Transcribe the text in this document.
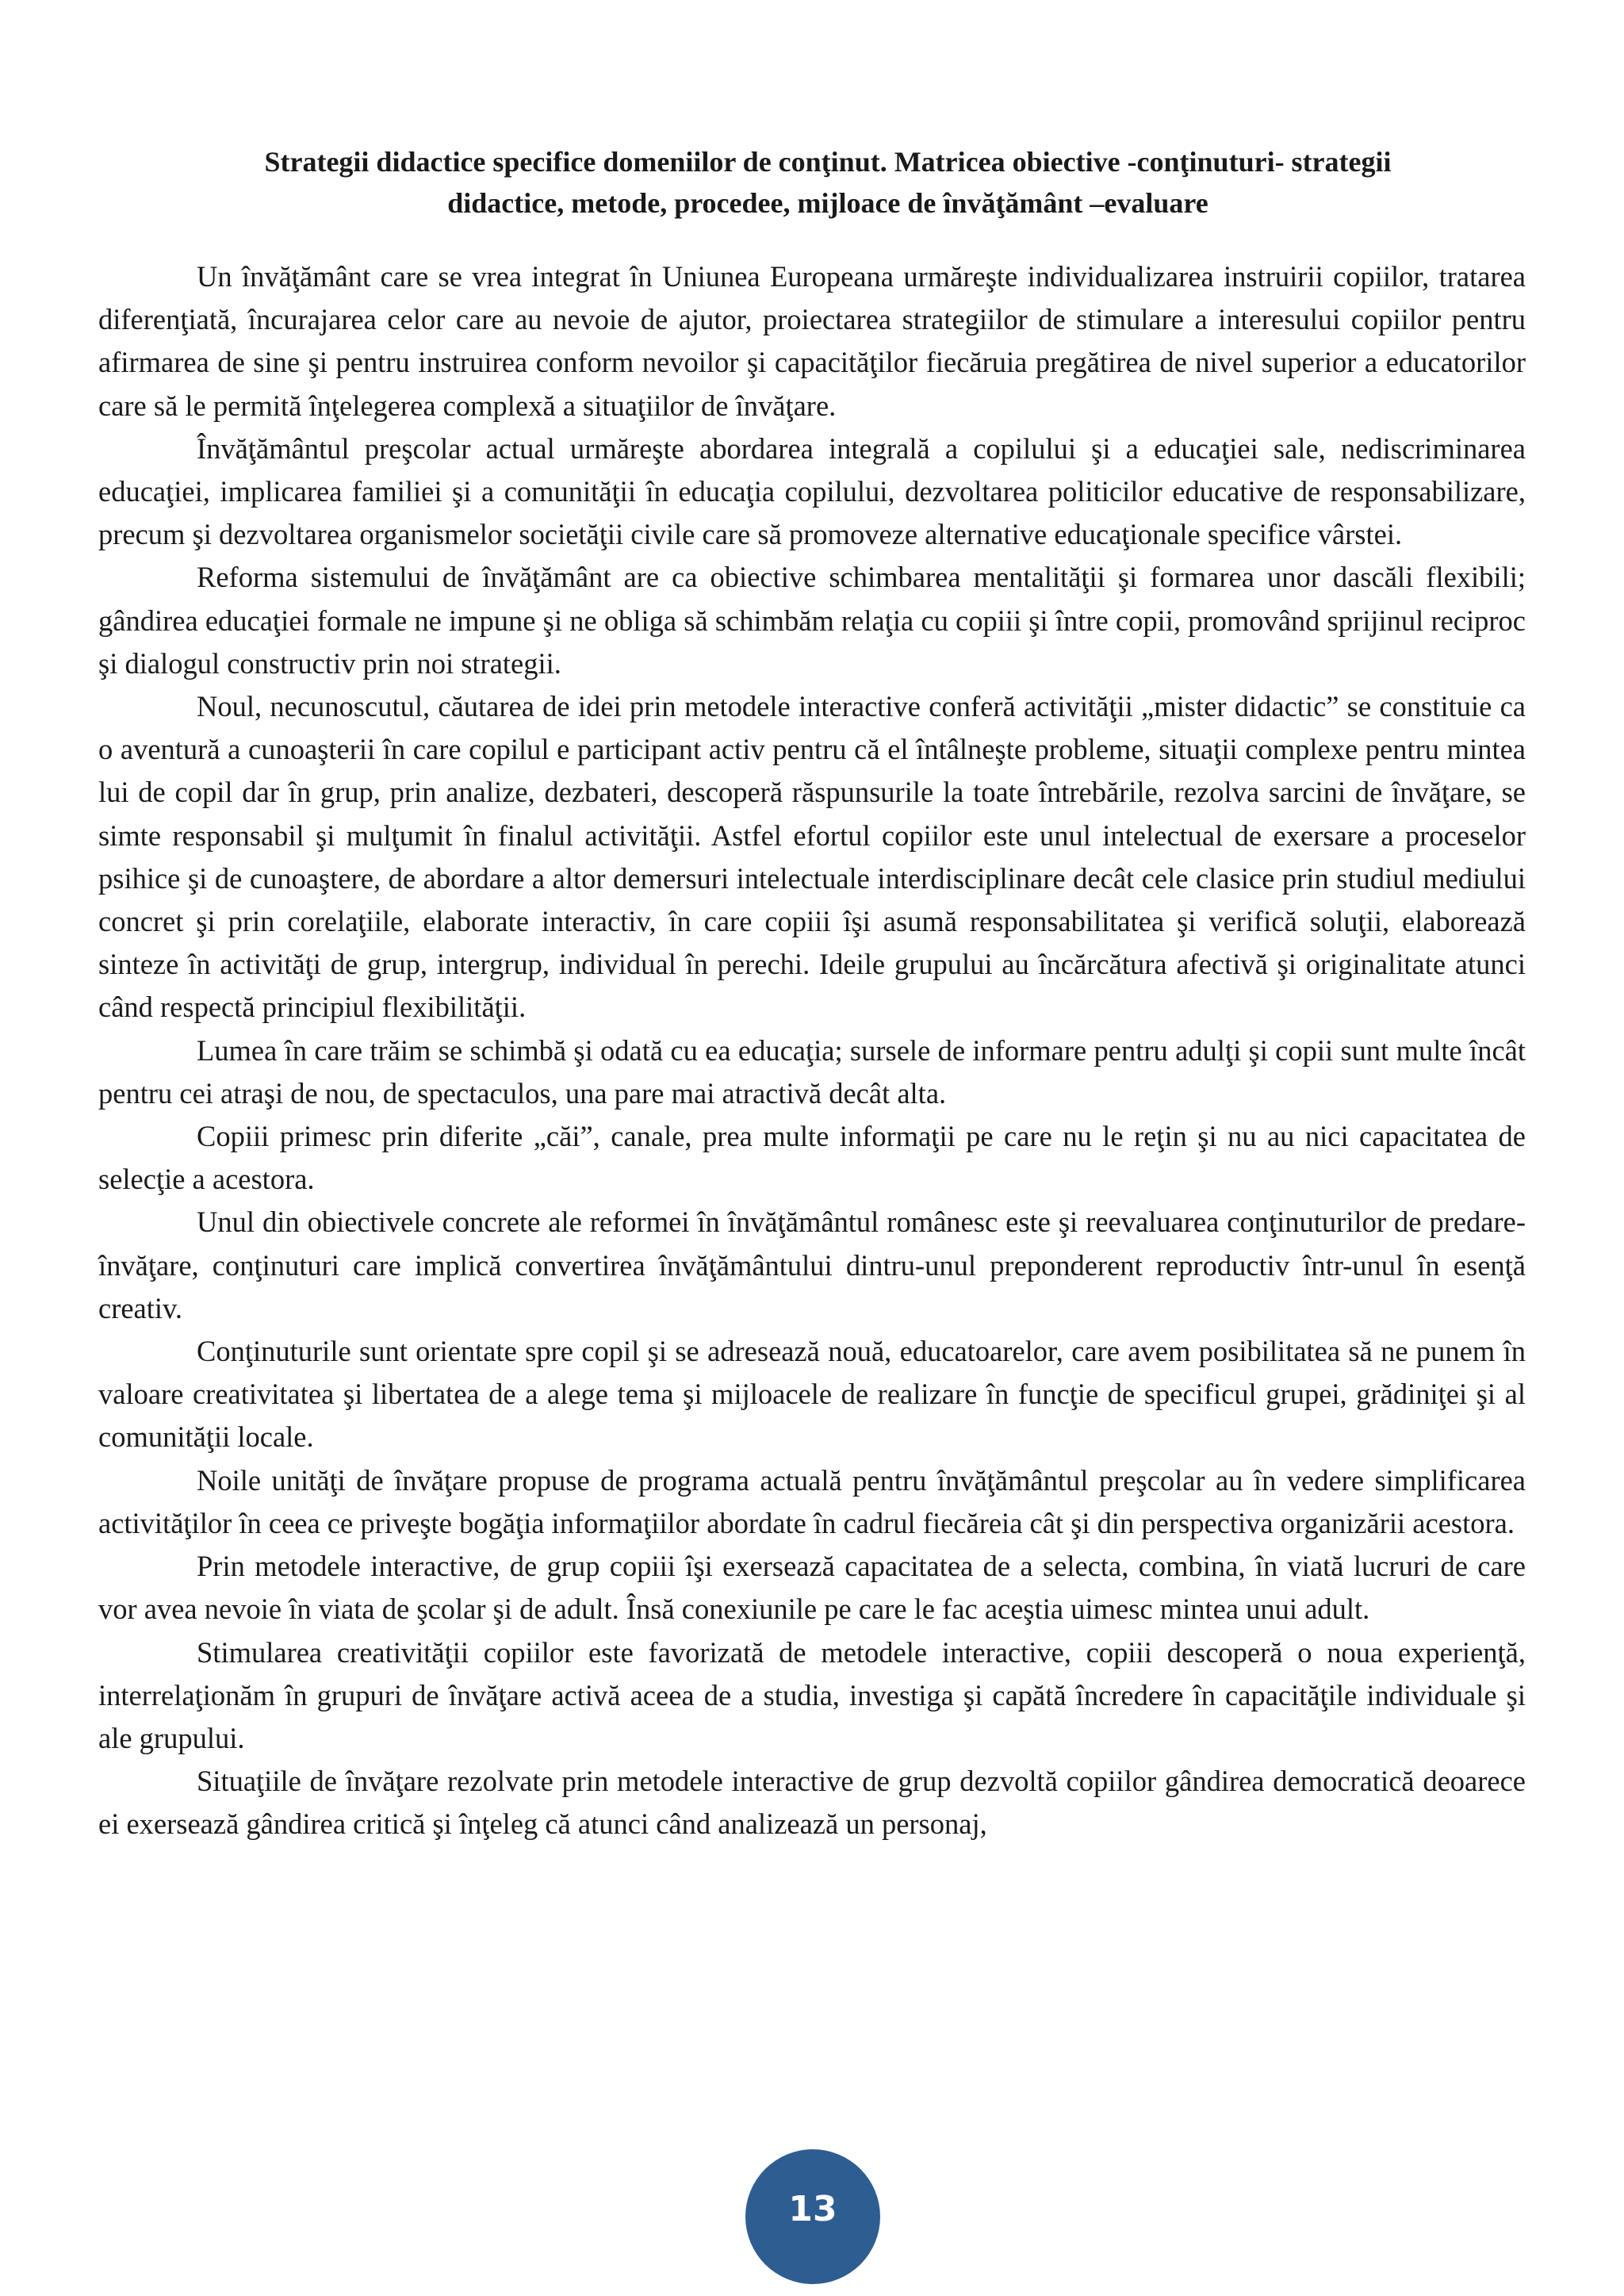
Strategii didactice specifice domeniilor de conţinut. Matricea obiective -conţinuturi- strategii
didactice, metode, procedee, mijloace de învăţământ –evaluare

Un învăţământ care se vrea integrat în Uniunea Europeana urmăreşte individualizarea instruirii copiilor, tratarea diferenţiată, încurajarea celor care au nevoie de ajutor, proiectarea strategiilor de stimulare a interesului copiilor pentru afirmarea de sine şi pentru instruirea conform nevoilor şi capacităţilor fiecăruia pregătirea de nivel superior a educatorilor care să le permită înţelegerea complexă a situaţiilor de învăţare.

Învăţământul preşcolar actual urmăreşte abordarea integrală a copilului şi a educaţiei sale, nediscriminarea educaţiei, implicarea familiei şi a comunităţii în educaţia copilului, dezvoltarea politicilor educative de responsabilizare, precum şi dezvoltarea organismelor societăţii civile care să promoveze alternative educaţionale specifice vârstei.

Reforma sistemului de învăţământ are ca obiective schimbarea mentalităţii şi formarea unor dascăli flexibili; gândirea educaţiei formale ne impune şi ne obliga să schimbăm relaţia cu copiii şi între copii, promovând sprijinul reciproc şi dialogul constructiv prin noi strategii.

Noul, necunoscutul, căutarea de idei prin metodele interactive conferă activităţii „mister didactic” se constituie ca o aventură a cunoaşterii în care copilul e participant activ pentru că el întâlneşte probleme, situaţii complexe pentru mintea lui de copil dar în grup, prin analize, dezbateri, descoperă răspunsurile la toate întrebările, rezolva sarcini de învăţare, se simte responsabil şi mulţumit în finalul activităţii. Astfel efortul copiilor este unul intelectual de exersare a proceselor psihice şi de cunoaştere, de abordare a altor demersuri intelectuale interdisciplinare decât cele clasice prin studiul mediului concret şi prin corelaţiile, elaborate interactiv, în care copiii îşi asumă responsabilitatea şi verifică soluţii, elaborează sinteze în activităţi de grup, intergrup, individual în perechi. Ideile grupului au încărcătura afectivă şi originalitate atunci când respectă principiul flexibilităţii.

Lumea în care trăim se schimbă şi odată cu ea educaţia; sursele de informare pentru adulţi şi copii sunt multe încât pentru cei atraşi de nou, de spectaculos, una pare mai atractivă decât alta.

Copiii primesc prin diferite „căi”, canale, prea multe informaţii pe care nu le reţin şi nu au nici capacitatea de selecţie a acestora.

Unul din obiectivele concrete ale reformei în învăţământul românesc este şi reevaluarea conţinuturilor de predare-învăţare, conţinuturi care implică convertirea învăţământului dintru-unul preponderent reproductiv într-unul în esenţă creativ.

Conţinuturile sunt orientate spre copil şi se adresează nouă, educatoarelor, care avem posibilitatea să ne punem în valoare creativitatea şi libertatea de a alege tema şi mijloacele de realizare în funcţie de specificul grupei, grădiniţei şi al comunităţii locale.

Noile unităţi de învăţare propuse de programa actuală pentru învăţământul preşcolar au în vedere simplificarea activităţilor în ceea ce priveşte bogăţia informaţiilor abordate în cadrul fiecăreia cât şi din perspectiva organizării acestora.

Prin metodele interactive, de grup copiii îşi exersează capacitatea de a selecta, combina, în viată lucruri de care vor avea nevoie în viata de şcolar şi de adult. Însă conexiunile pe care le fac aceştia uimesc mintea unui adult.

Stimularea creativităţii copiilor este favorizată de metodele interactive, copiii descoperă o noua experienţă, interrelaţionăm în grupuri de învăţare activă aceea de a studia, investiga şi capătă încredere în capacităţile individuale şi ale grupului.

Situaţiile de învăţare rezolvate prin metodele interactive de grup dezvoltă copiilor gândirea democratică deoarece ei exersează gândirea critică şi înţeleg că atunci când analizează un personaj,

13
